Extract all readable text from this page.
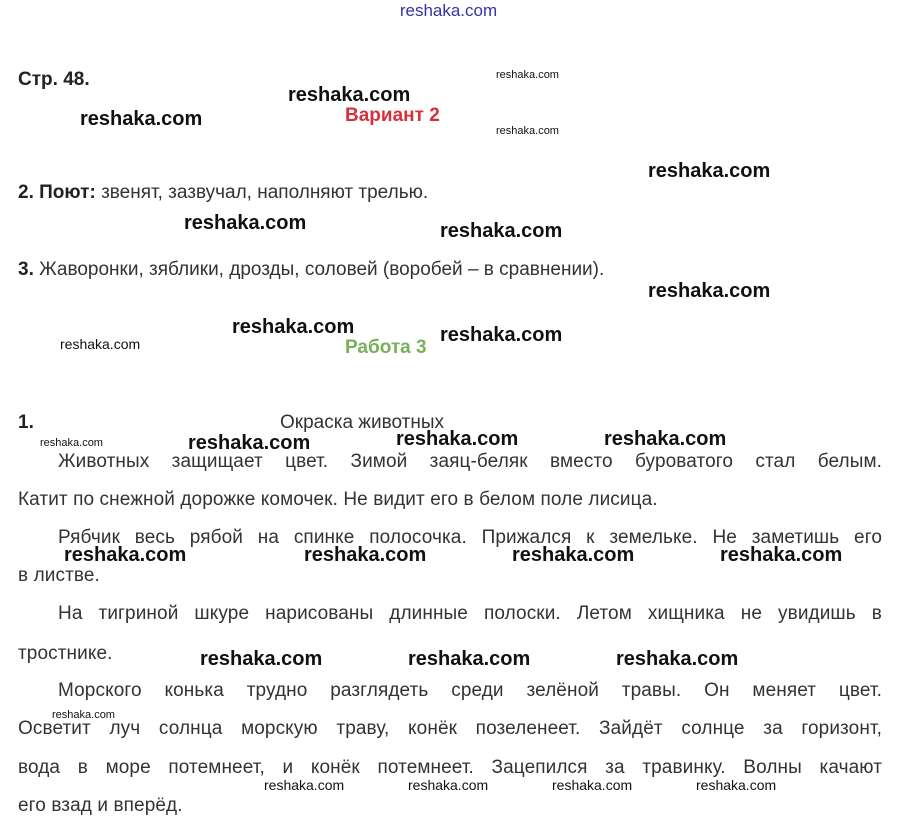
reshaka.com
Стр. 48.
Вариант 2
2. Поют: звенят, зазвучал, наполняют трелью.
3. Жаворонки, зяблики, дрозды, соловей (воробей – в сравнении).
Работа 3
1.	Окраска животных
Животных защищает цвет. Зимой заяц-беляк вместо буроватого стал белым.
Катит по снежной дорожке комочек. Не видит его в белом поле лисица.
Рябчик весь рябой на спинке полосочка. Прижался к земельке. Не заметишь его
в листве.
На тигриной шкуре нарисованы длинные полоски. Летом хищника не увидишь в
тростнике.
Морского конька трудно разглядеть среди зелёной травы. Он меняет цвет.
Осветит луч солнца морскую траву, конёк позеленеет. Зайдёт солнце за горизонт,
вода в море потемнеет, и конёк потемнеет. Зацепился за травинку. Волны качают
его взад и вперёд.
reshaka.com
reshaka.com
reshaka.com
reshaka.com	reshaka.com
reshaka.com
reshaka.com	reshaka.com
reshaka.com	reshaka.com	reshaka.com
reshaka.com	reshaka.com	reshaka.com	reshaka.com
reshaka.com	reshaka.com	reshaka.com
reshaka.com
reshaka.com
reshaka.com
reshaka.com
reshaka.com
reshaka.com	reshaka.com	reshaka.com	reshaka.com
